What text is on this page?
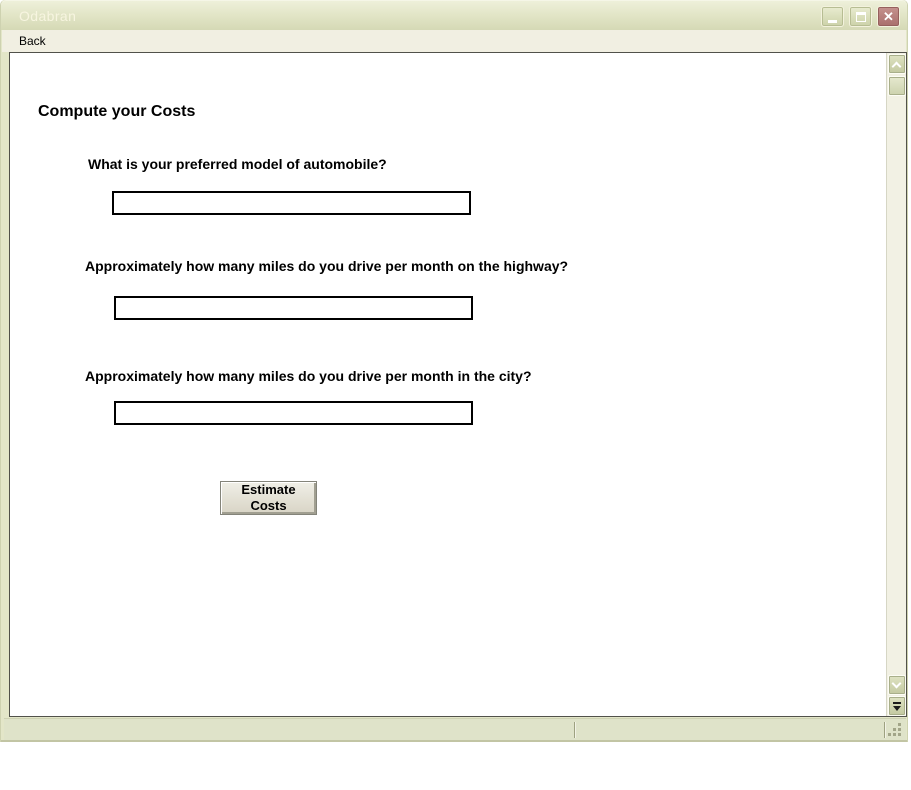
Odabran	✕
Back
Compute your Costs
What is your preferred model of automobile?
Approximately how many miles do you drive per month on the highway?
Approximately how many miles do you drive per month in the city?
Estimate Costs
